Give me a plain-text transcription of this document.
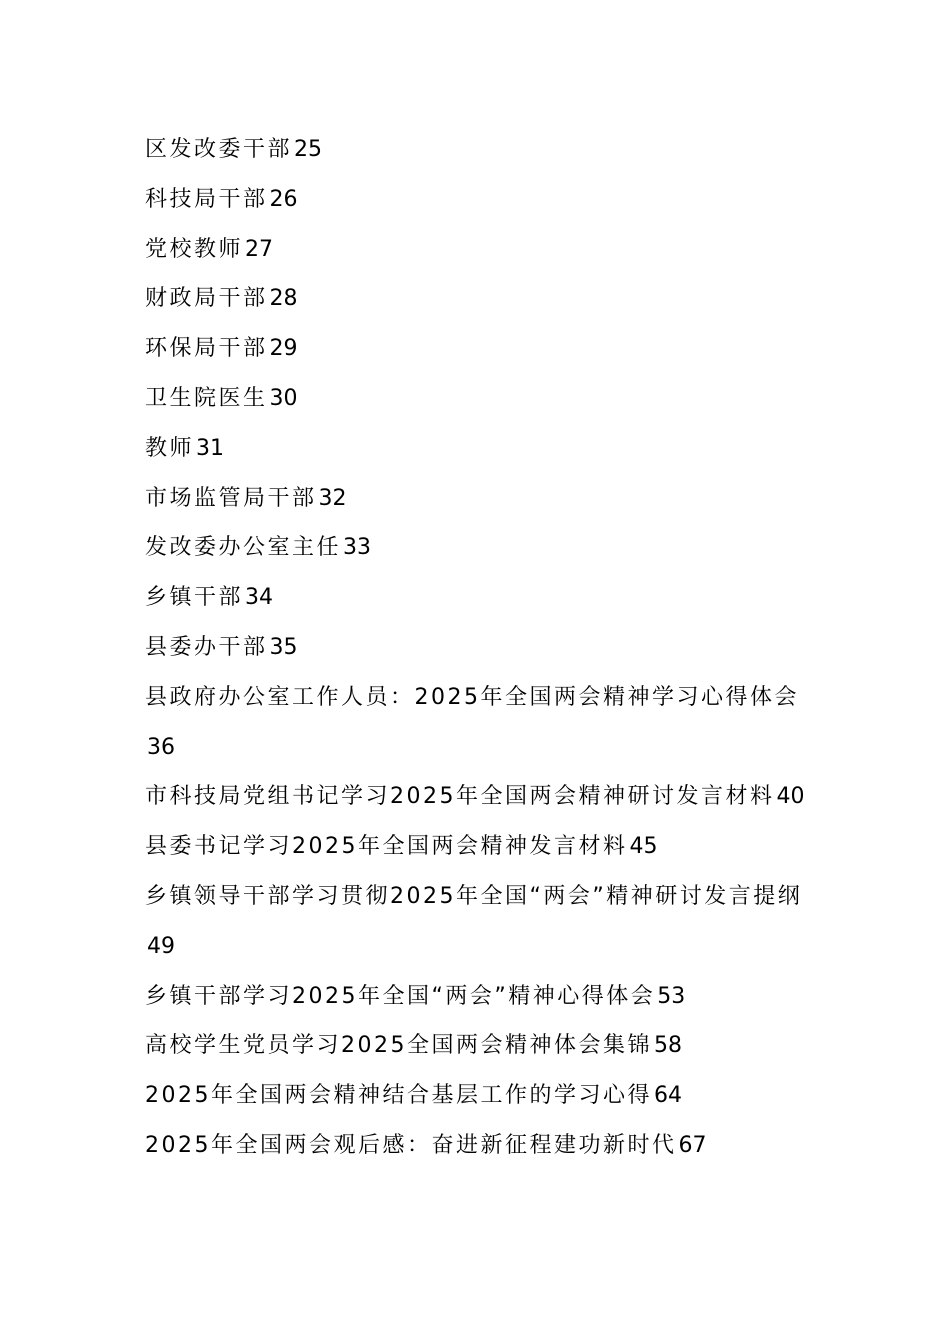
区发改委干部25
科技局干部26
党校教师27
财政局干部28
环保局干部29
卫生院医生30
教师31
市场监管局干部32
发改委办公室主任33
乡镇干部34
县委办干部35
县政府办公室工作人员：2025年全国两会精神学习心得体会36
市科技局党组书记学习2025年全国两会精神研讨发言材料40
县委书记学习2025年全国两会精神发言材料45
乡镇领导干部学习贯彻2025年全国“两会”精神研讨发言提纲49
乡镇干部学习2025年全国“两会”精神心得体会53
高校学生党员学习2025全国两会精神体会集锦58
2025年全国两会精神结合基层工作的学习心得64
2025年全国两会观后感：奋进新征程建功新时代67
